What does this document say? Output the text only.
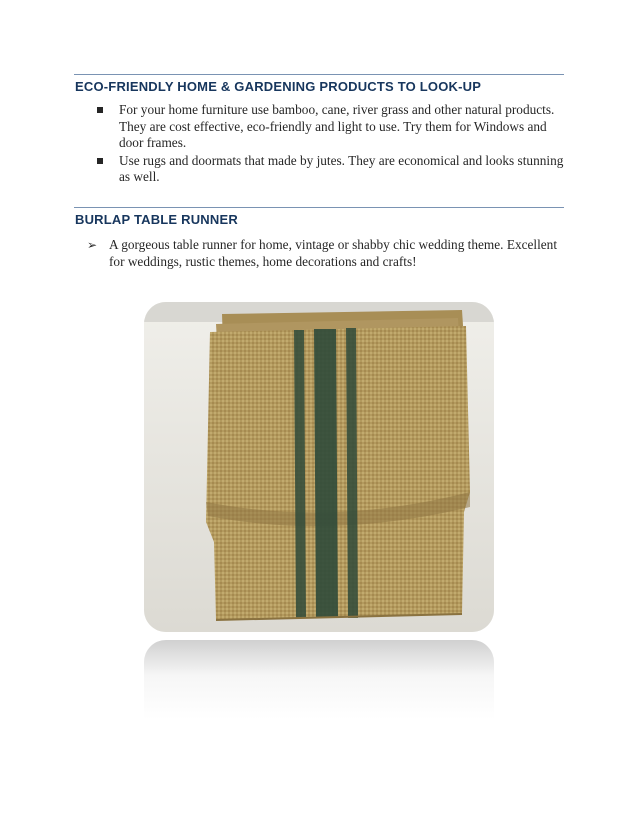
ECO-FRIENDLY HOME & GARDENING PRODUCTS TO LOOK-UP
For your home furniture use bamboo, cane, river grass and other natural products. They are cost effective, eco-friendly and light to use. Try them for Windows and door frames.
Use rugs and doormats that made by jutes. They are economical and looks stunning as well.
BURLAP TABLE RUNNER
➢ A gorgeous table runner for home, vintage or shabby chic wedding theme. Excellent for weddings, rustic themes, home decorations and crafts!
